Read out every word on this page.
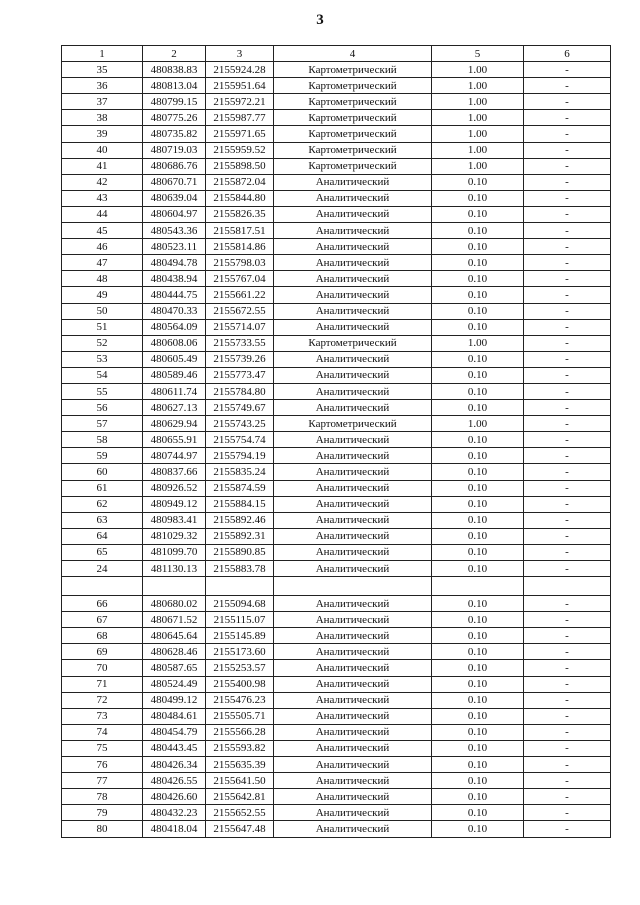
3
1	2	3	4	5	6
35	480838.83	2155924.28	Картометрический	1.00	-
36	480813.04	2155951.64	Картометрический	1.00	-
37	480799.15	2155972.21	Картометрический	1.00	-
38	480775.26	2155987.77	Картометрический	1.00	-
39	480735.82	2155971.65	Картометрический	1.00	-
40	480719.03	2155959.52	Картометрический	1.00	-
41	480686.76	2155898.50	Картометрический	1.00	-
42	480670.71	2155872.04	Аналитический	0.10	-
43	480639.04	2155844.80	Аналитический	0.10	-
44	480604.97	2155826.35	Аналитический	0.10	-
45	480543.36	2155817.51	Аналитический	0.10	-
46	480523.11	2155814.86	Аналитический	0.10	-
47	480494.78	2155798.03	Аналитический	0.10	-
48	480438.94	2155767.04	Аналитический	0.10	-
49	480444.75	2155661.22	Аналитический	0.10	-
50	480470.33	2155672.55	Аналитический	0.10	-
51	480564.09	2155714.07	Аналитический	0.10	-
52	480608.06	2155733.55	Картометрический	1.00	-
53	480605.49	2155739.26	Аналитический	0.10	-
54	480589.46	2155773.47	Аналитический	0.10	-
55	480611.74	2155784.80	Аналитический	0.10	-
56	480627.13	2155749.67	Аналитический	0.10	-
57	480629.94	2155743.25	Картометрический	1.00	-
58	480655.91	2155754.74	Аналитический	0.10	-
59	480744.97	2155794.19	Аналитический	0.10	-
60	480837.66	2155835.24	Аналитический	0.10	-
61	480926.52	2155874.59	Аналитический	0.10	-
62	480949.12	2155884.15	Аналитический	0.10	-
63	480983.41	2155892.46	Аналитический	0.10	-
64	481029.32	2155892.31	Аналитический	0.10	-
65	481099.70	2155890.85	Аналитический	0.10	-
24	481130.13	2155883.78	Аналитический	0.10	-

66	480680.02	2155094.68	Аналитический	0.10	-
67	480671.52	2155115.07	Аналитический	0.10	-
68	480645.64	2155145.89	Аналитический	0.10	-
69	480628.46	2155173.60	Аналитический	0.10	-
70	480587.65	2155253.57	Аналитический	0.10	-
71	480524.49	2155400.98	Аналитический	0.10	-
72	480499.12	2155476.23	Аналитический	0.10	-
73	480484.61	2155505.71	Аналитический	0.10	-
74	480454.79	2155566.28	Аналитический	0.10	-
75	480443.45	2155593.82	Аналитический	0.10	-
76	480426.34	2155635.39	Аналитический	0.10	-
77	480426.55	2155641.50	Аналитический	0.10	-
78	480426.60	2155642.81	Аналитический	0.10	-
79	480432.23	2155652.55	Аналитический	0.10	-
80	480418.04	2155647.48	Аналитический	0.10	-
